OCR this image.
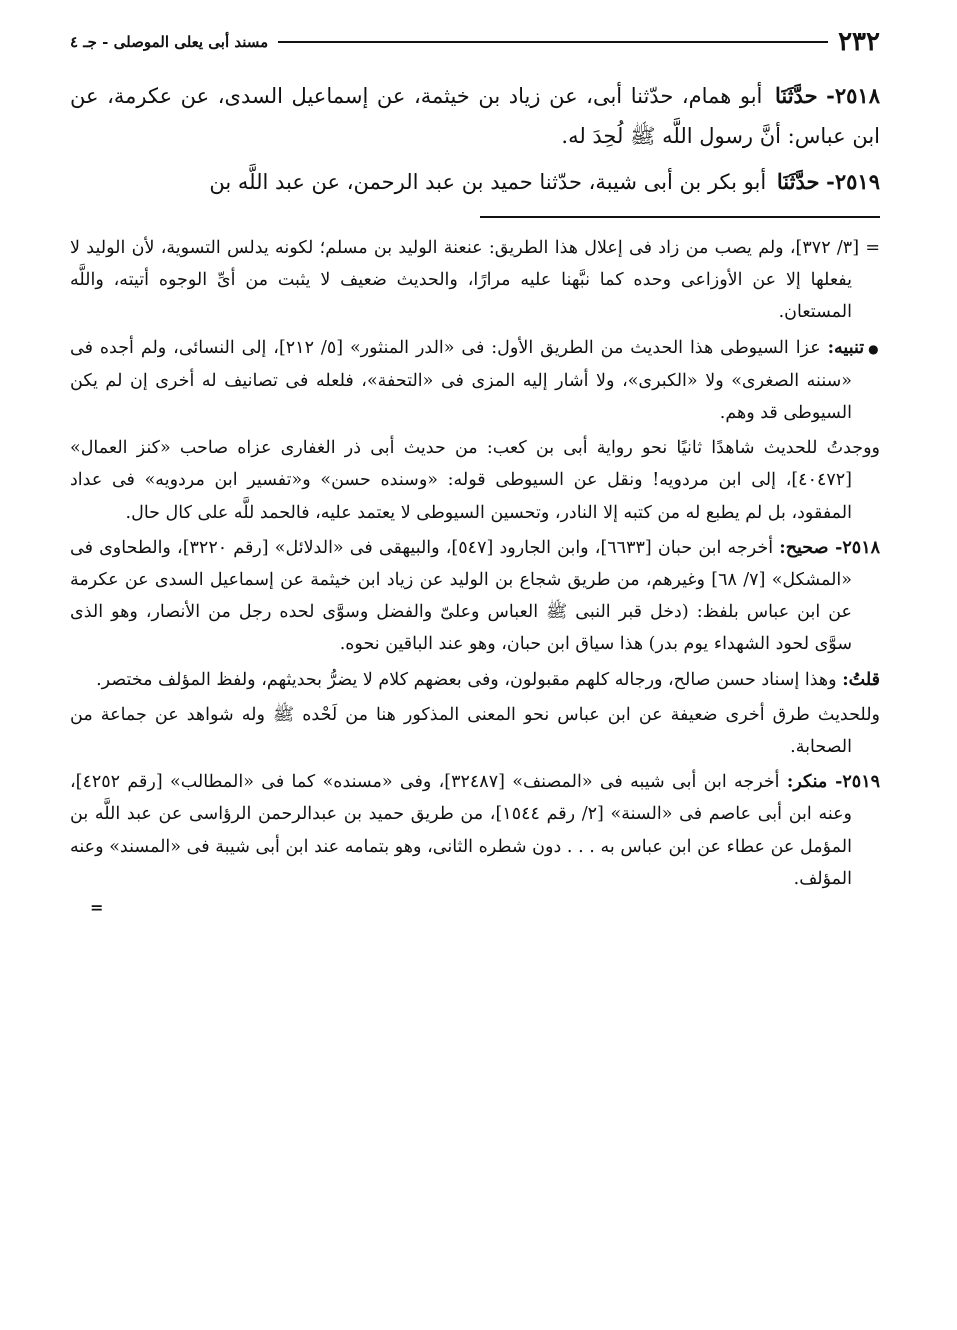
٢٣٢
مسند أبى يعلى الموصلى - جـ ٤

٢٥١٨- حدَّثَنَا أبو همام، حدّثنا أبى، عن زياد بن خيثمة، عن إسماعيل السدى، عن عكرمة، عن ابن عباس: أنَّ رسول اللَّه ﷺ لُحِدَ له.

٢٥١٩- حدَّثَنَا أبو بكر بن أبى شيبة، حدّثنا حميد بن عبد الرحمن، عن عبد اللَّه بن

= [٣/ ٣٧٢]، ولم يصب من زاد فى إعلال هذا الطريق: عنعنة الوليد بن مسلم؛ لكونه يدلس التسوية، لأن الوليد لا يفعلها إلا عن الأوزاعى وحده كما نبَّهنا عليه مرارًا، والحديث ضعيف لا يثبت من أىِّ الوجوه أتيته، واللَّه المستعان.

●تنبيه: عزا السيوطى هذا الحديث من الطريق الأول: فى «الدر المنثور» [٥/ ٢١٢]، إلى النسائى، ولم أجده فى «سننه الصغرى» ولا «الكبرى»، ولا أشار إليه المزى فى «التحفة»، فلعله فى تصانيف له أخرى إن لم يكن السيوطى قد وهم.

ووجدتُ للحديث شاهدًا ثانيًا نحو رواية أبى بن كعب: من حديث أبى ذر الغفارى عزاه صاحب «كنز العمال» [٤٠٤٧٢]، إلى ابن مردويه! ونقل عن السيوطى قوله: «وسنده حسن» و«تفسير ابن مردويه» فى عداد المفقود، بل لم يطبع له من كتبه إلا النادر، وتحسين السيوطى لا يعتمد عليه، فالحمد للَّه على كال حال.

٢٥١٨- صحيح: أخرجه ابن حبان [٦٦٣٣]، وابن الجارود [٥٤٧]، والبيهقى فى «الدلائل» [رقم ٣٢٢٠]، والطحاوى فى «المشكل» [٧/ ٦٨] وغيرهم، من طريق شجاع بن الوليد عن زياد ابن خيثمة عن إسماعيل السدى عن عكرمة عن ابن عباس بلفظ: (دخل قبر النبى ﷺ العباس وعلىّ والفضل وسوَّى لحده رجل من الأنصار، وهو الذى سوَّى لحود الشهداء يوم بدر) هذا سياق ابن حبان، وهو عند الباقين نحوه.

قلتُ: وهذا إسناد حسن صالح، ورجاله كلهم مقبولون، وفى بعضهم كلام لا يضرُّ بحديثهم، ولفظ المؤلف مختصر.

وللحديث طرق أخرى ضعيفة عن ابن عباس نحو المعنى المذكور هنا من لَحْده ﷺ وله شواهد عن جماعة من الصحابة.

٢٥١٩- منكر: أخرجه ابن أبى شيبه فى «المصنف» [٣٢٤٨٧]، وفى «مسنده» كما فى «المطالب» [رقم ٤٢٥٢]، وعنه ابن أبى عاصم فى «السنة» [٢/ رقم ١٥٤٤]، من طريق حميد بن عبدالرحمن الرؤاسى عن عبد اللَّه بن المؤمل عن عطاء عن ابن عباس به . . . دون شطره الثانى، وهو بتمامه عند ابن أبى شيبة فى «المسند» وعنه المؤلف.

=
